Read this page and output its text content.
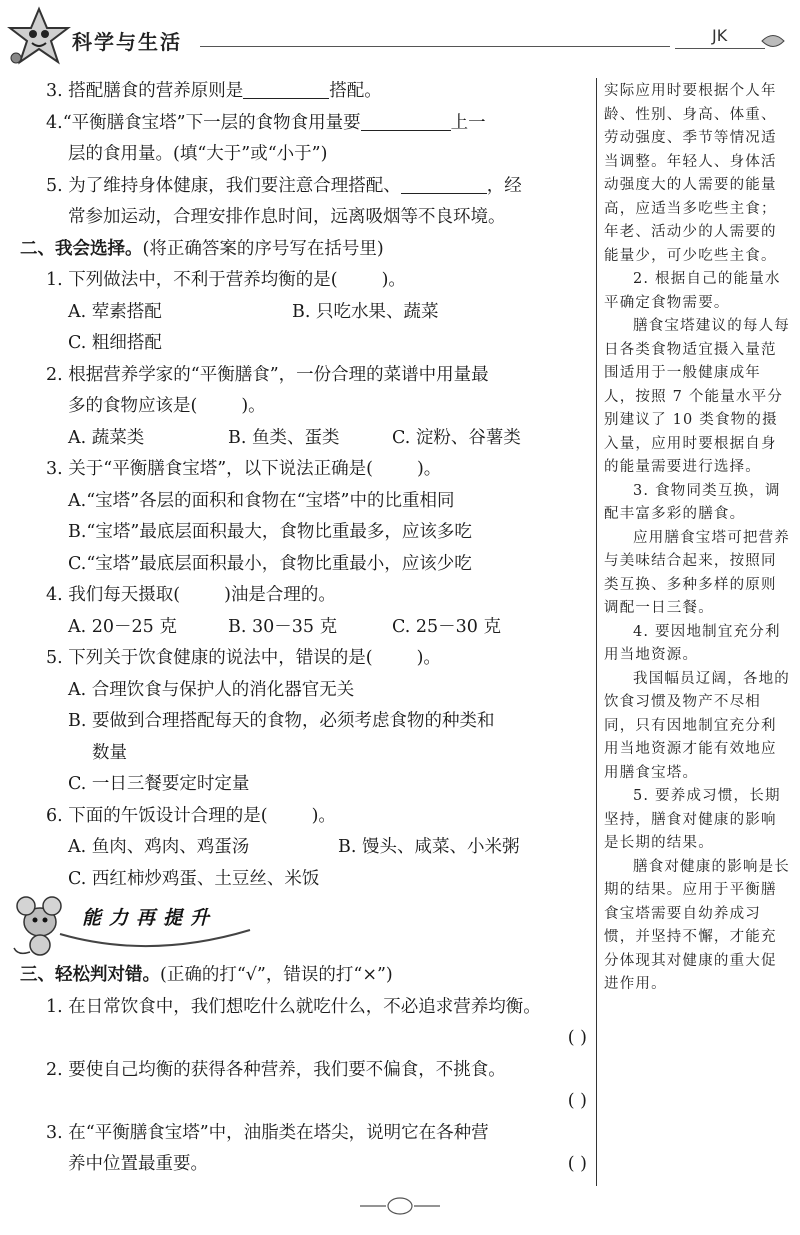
科学与生活	JK
3. 搭配膳食的营养原则是	搭配。
4.“平衡膳食宝塔”下一层的食物食用量要	上一
层的食用量。(填“大于”或“小于”)
5. 为了维持身体健康，我们要注意合理搭配、	，经
常参加运动，合理安排作息时间，远离吸烟等不良环境。
二、我会选择。(将正确答案的序号写在括号里)
1. 下列做法中，不利于营养均衡的是(	)。
A. 荤素搭配	B. 只吃水果、蔬菜
C. 粗细搭配
2. 根据营养学家的“平衡膳食”，一份合理的菜谱中用量最
多的食物应该是(	)。
A. 蔬菜类	B. 鱼类、蛋类	C. 淀粉、谷薯类
3. 关于“平衡膳食宝塔”，以下说法正确是(	)。
A.“宝塔”各层的面积和食物在“宝塔”中的比重相同
B.“宝塔”最底层面积最大，食物比重最多，应该多吃
C.“宝塔”最底层面积最小，食物比重最小，应该少吃
4. 我们每天摄取(	)油是合理的。
A. 20－25 克	B. 30－35 克	C. 25－30 克
5. 下列关于饮食健康的说法中，错误的是(	)。
A. 合理饮食与保护人的消化器官无关
B. 要做到合理搭配每天的食物，必须考虑食物的种类和
数量
C. 一日三餐要定时定量
6. 下面的午饭设计合理的是(	)。
A. 鱼肉、鸡肉、鸡蛋汤	B. 馒头、咸菜、小米粥
C. 西红柿炒鸡蛋、土豆丝、米饭
能力再提升
三、轻松判对错。(正确的打“√”，错误的打“×”)
1. 在日常饮食中，我们想吃什么就吃什么，不必追求营养均衡。
( )
2. 要使自己均衡的获得各种营养，我们要不偏食，不挑食。
( )
3. 在“平衡膳食宝塔”中，油脂类在塔尖，说明它在各种营
养中位置最重要。	( )

实际应用时要根据个人年龄、性别、身高、体重、劳动强度、季节等情况适当调整。年轻人、身体活动强度大的人需要的能量高，应适当多吃些主食；年老、活动少的人需要的能量少，可少吃些主食。

2. 根据自己的能量水平确定食物需要。

膳食宝塔建议的每人每日各类食物适宜摄入量范围适用于一般健康成年人，按照 7 个能量水平分别建议了 10 类食物的摄入量，应用时要根据自身的能量需要进行选择。

3. 食物同类互换，调配丰富多彩的膳食。

应用膳食宝塔可把营养与美味结合起来，按照同类互换、多种多样的原则调配一日三餐。

4. 要因地制宜充分利用当地资源。

我国幅员辽阔，各地的饮食习惯及物产不尽相同，只有因地制宜充分利用当地资源才能有效地应用膳食宝塔。

5. 要养成习惯，长期坚持，膳食对健康的影响是长期的结果。

膳食对健康的影响是长期的结果。应用于平衡膳食宝塔需要自幼养成习惯，并坚持不懈，才能充分体现其对健康的重大促进作用。
